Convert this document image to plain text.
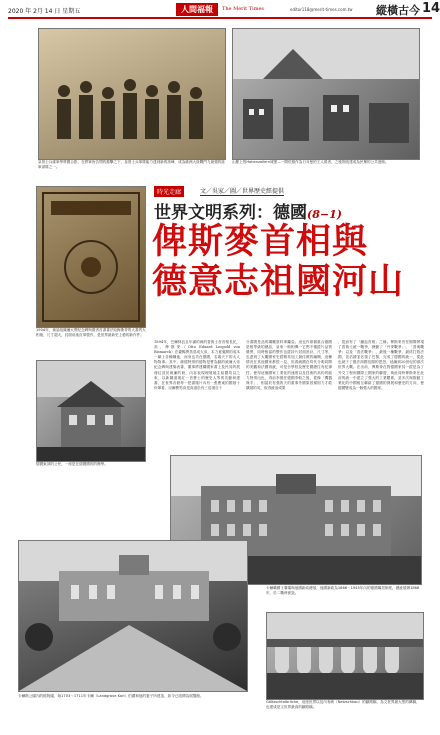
2020 年 2月 14 日 星期五	人間福報	The Merit Times	editor118@merit-times.com.tw 縱橫古今 14
皇曾士兵維軍學將國合影，在將軍皆告問的擔擊之下，皇曾士兵軍隊能力達到新的高峰，成為歐洲大陸戰鬥力最強的陸軍部隊之一。
山脈上的Hohenzollern城堡—一間依照作為日耳曼的王人視者，之後則改建成為民眾的公共遊館。
1904年，童話組織廉大帶紀念碑與禮者首書書法給梅斯麥的大書的大相冊，尺寸超大，封面用純皮革製作，是世界最新史上藝的新作件。
時光走廊	文／吳家／圖／世界歷史經提供
世界文明系列：德國(8−1)
俾斯麥首相與
德意志祖國河山
1894年，巴爾林良且年滿的威的普魯士首首相長托，高，俾斯麥（Otto Eduard Leopold von Bismarck）在臺暢異蒸蒸成大帝，本力意蒐開的成本一劇上各種嫌他，而身也功在德國，名義天下的大人物物事。其中，蔣德特別的德物是曹為動的威廉大帝紀念碑與建築表書，董事將建構國家書上及民同的展冊紅及於威廉的冊，內容表現理境地主紹國均以之來，以新陳道境紅一首曹士的歷史人等的功動和建書，在世界各冊每一把書爬片內有一張曹東的國基十份單看，臣爾曹男高是高道於有三晉項自十
分書國是品的鋼雕塗料事鏞壹。這也作兩個重合德國是相等級的總品，皇來一般相傳一它們不僅經片品質優異，同時相當的整作也經持片封面設計，尺寸等，也達到了大雕國家史經精英加工最佳照的編輯，這種情況在其他國家都很一見。但看統國在均代分明同開的美觀和法國再統，可是台學校及歷史國總往有紀律性，使得這個國家工業化的速度以及技術的高仍的能力特別出色，得前李德任德國李較之後，從像「機器與手」，相當於有強的天的重事外國原因鞏固力才敢擴展的英，取得統治成果
，從而有了「鐵血首相」之稱。俾斯麥首任期間實現了普魯士統一戰爭，發動了「丹麥戰爭」、「普奧戰爭」以及「普法戰爭」，最後一種戰爭，最終打敗法國，並佔據並佔領了巴黎，完成了德國的統一，從此也就于了德法兩國長期的恩怨，延續到20世紀的兩次世界大戰。在出前，俾斯麥在對德國家其一經是為了外交工程和國際上國家的聯盟，與此同時俾斯麥在此前的統一中建立了強大的工業體系，並多次與推動工業化的中國相互聯絡了德國的發展和歷史的方向，使德國變成為一個強大的國家。
德國東部的公民，一座是在德國國的的鄉學。
卡爾曦國王廣場與他國新政總領，他國新政為1866～1945年內的德國鄰居制度，總統德辦1868年，於二戰時被毀。
卡爾斯公園內的植物園，始1703～1711年卡爾（Landgrave Karl）伯爵和他的妻子所建造，如今已改開為展覽館。
Göltzschtalbrücke，這座世界以及內有峽（Netzschkau）的鐵路橋，為文世界最大型的磚橋，也建成是文世界最高的鐵路橋。
